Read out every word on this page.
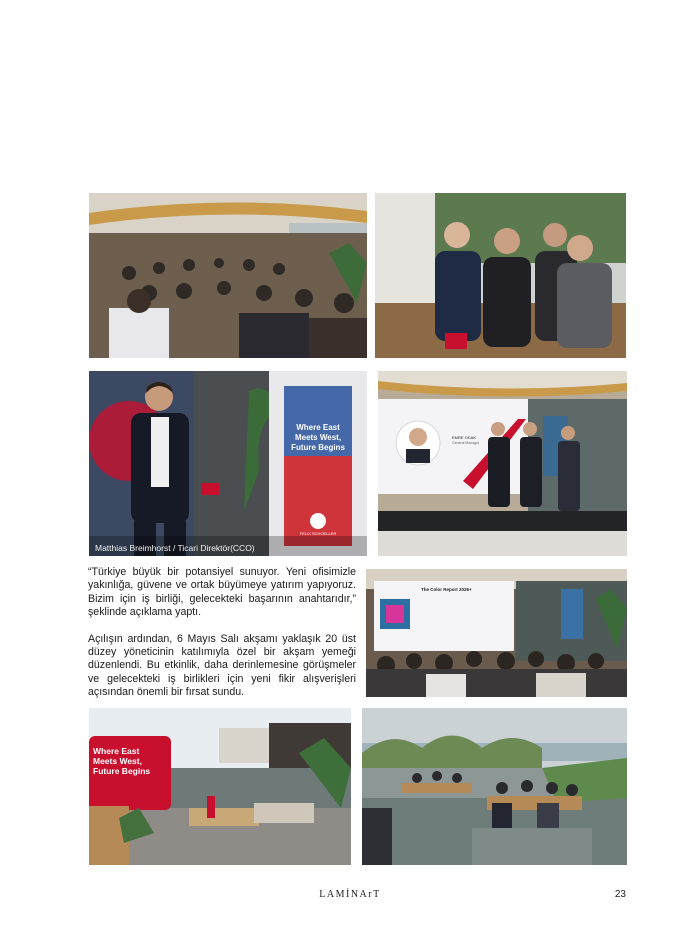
Where East
Meets West,
Future Begins
FELIX SCHOELLER
Matthias Breimhorst / Ticari Direktör(CCO)
EMRE OCAK
General Manager

“Türkiye büyük bir potansiyel sunuyor. Yeni ofisimizle yakınlığa, güvene ve ortak büyümeye yatırım yapıyoruz. Bizim için iş birliği, gelecekteki başarının anahtarıdır,” şeklinde açıklama yaptı.

Açılışın ardından, 6 Mayıs Salı akşamı yaklaşık 20 üst düzey yöneticinin katılımıyla özel bir akşam yemeği düzenlendi. Bu etkinlik, daha derinlemesine görüşmeler ve gelecekteki iş birlikleri için yeni fikir alışverişleri açısından önemli bir fırsat sundu.

The Color Report 2026+
Where East
Meets West,
Future Begins
LAMİNArT	23
